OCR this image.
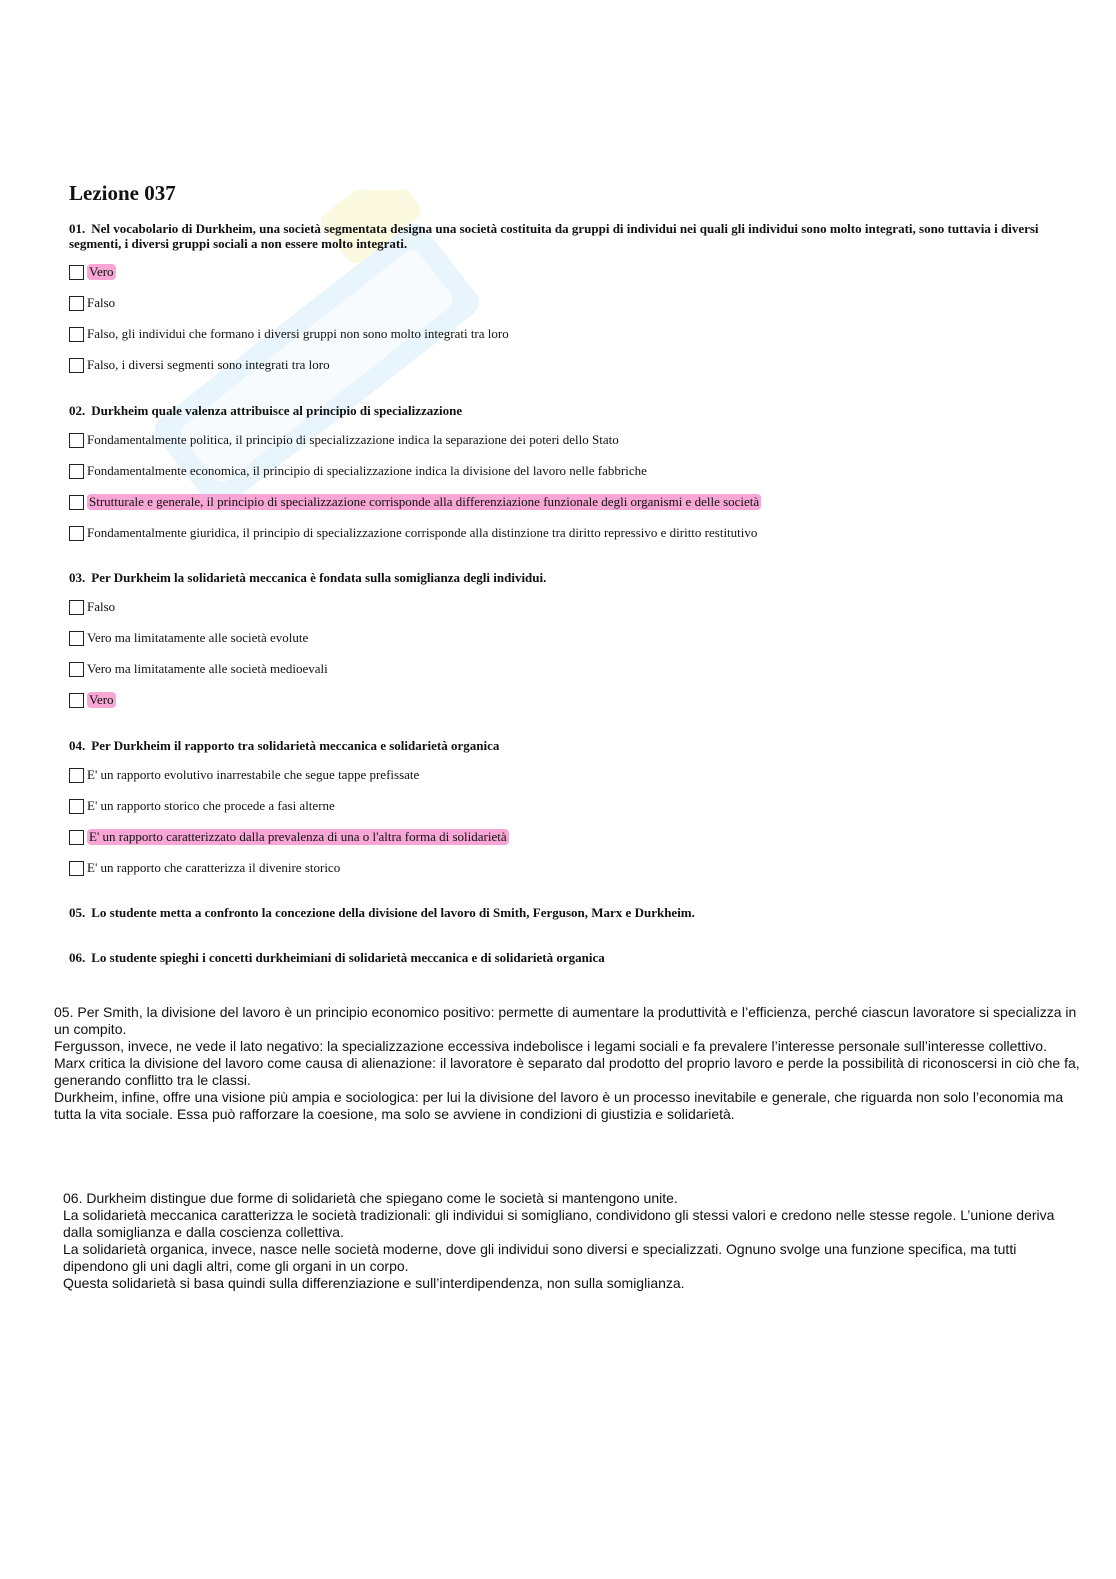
Lezione 037
01. Nel vocabolario di Durkheim, una società segmentata designa una società costituita da gruppi di individui nei quali gli individui sono molto integrati, sono tuttavia i diversi segmenti, i diversi gruppi sociali a non essere molto integrati.
Vero
Falso
Falso, gli individui che formano i diversi gruppi non sono molto integrati tra loro
Falso, i diversi segmenti sono integrati tra loro
02. Durkheim quale valenza attribuisce al principio di specializzazione
Fondamentalmente politica, il principio di specializzazione indica la separazione dei poteri dello Stato
Fondamentalmente economica, il principio di specializzazione indica la divisione del lavoro nelle fabbriche
Strutturale e generale, il principio di specializzazione corrisponde alla differenziazione funzionale degli organismi e delle società
Fondamentalmente giuridica, il principio di specializzazione corrisponde alla distinzione tra diritto repressivo e diritto restitutivo
03. Per Durkheim la solidarietà meccanica è fondata sulla somiglianza degli individui.
Falso
Vero ma limitatamente alle società evolute
Vero ma limitatamente alle società medioevali
Vero
04. Per Durkheim il rapporto tra solidarietà meccanica e solidarietà organica
E' un rapporto evolutivo inarrestabile che segue tappe prefissate
E' un rapporto storico che procede a fasi alterne
E' un rapporto caratterizzato dalla prevalenza di una o l'altra forma di solidarietà
E' un rapporto che caratterizza il divenire storico
05. Lo studente metta a confronto la concezione della divisione del lavoro di Smith, Ferguson, Marx e Durkheim.
06. Lo studente spieghi i concetti durkheimiani di solidarietà meccanica e di solidarietà organica

05. Per Smith, la divisione del lavoro è un principio economico positivo: permette di aumentare la produttività e l’efficienza, perché ciascun lavoratore si specializza in un compito.

Fergusson, invece, ne vede il lato negativo: la specializzazione eccessiva indebolisce i legami sociali e fa prevalere l’interesse personale sull’interesse collettivo.

Marx critica la divisione del lavoro come causa di alienazione: il lavoratore è separato dal prodotto del proprio lavoro e perde la possibilità di riconoscersi in ciò che fa, generando conflitto tra le classi.

Durkheim, infine, offre una visione più ampia e sociologica: per lui la divisione del lavoro è un processo inevitabile e generale, che riguarda non solo l’economia ma tutta la vita sociale. Essa può rafforzare la coesione, ma solo se avviene in condizioni di giustizia e solidarietà.

06. Durkheim distingue due forme di solidarietà che spiegano come le società si mantengono unite.

La solidarietà meccanica caratterizza le società tradizionali: gli individui si somigliano, condividono gli stessi valori e credono nelle stesse regole. L’unione deriva dalla somiglianza e dalla coscienza collettiva.

La solidarietà organica, invece, nasce nelle società moderne, dove gli individui sono diversi e specializzati. Ognuno svolge una funzione specifica, ma tutti dipendono gli uni dagli altri, come gli organi in un corpo.

Questa solidarietà si basa quindi sulla differenziazione e sull’interdipendenza, non sulla somiglianza.
